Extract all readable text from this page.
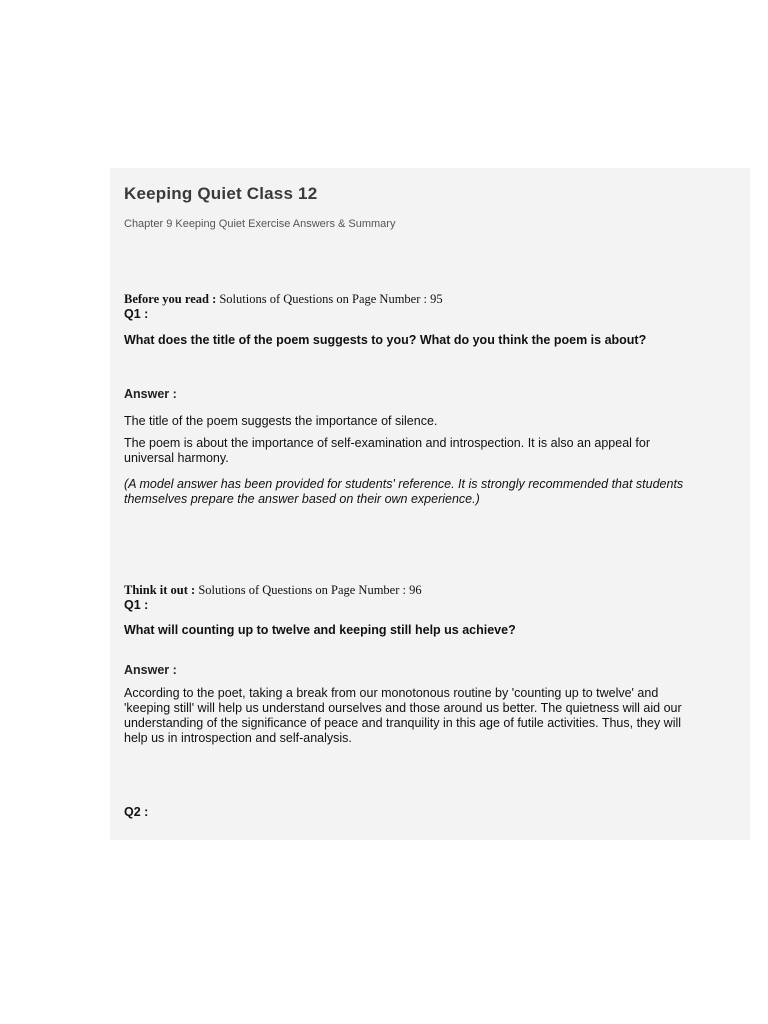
Keeping Quiet Class 12

Chapter 9 Keeping Quiet Exercise Answers & Summary

Before you read : Solutions of Questions on Page Number : 95

Q1 :

What does the title of the poem suggests to you? What do you think the poem is about?

Answer :

The title of the poem suggests the importance of silence.

The poem is about the importance of self-examination and introspection. It is also an appeal for universal harmony.

(A model answer has been provided for students' reference. It is strongly recommended that students themselves prepare the answer based on their own experience.)

Think it out : Solutions of Questions on Page Number : 96

Q1 :

What will counting up to twelve and keeping still help us achieve?

Answer :

According to the poet, taking a break from our monotonous routine by 'counting up to twelve' and 'keeping still' will help us understand ourselves and those around us better. The quietness will aid our understanding of the significance of peace and tranquility in this age of futile activities. Thus, they will help us in introspection and self-analysis.

Q2 :
